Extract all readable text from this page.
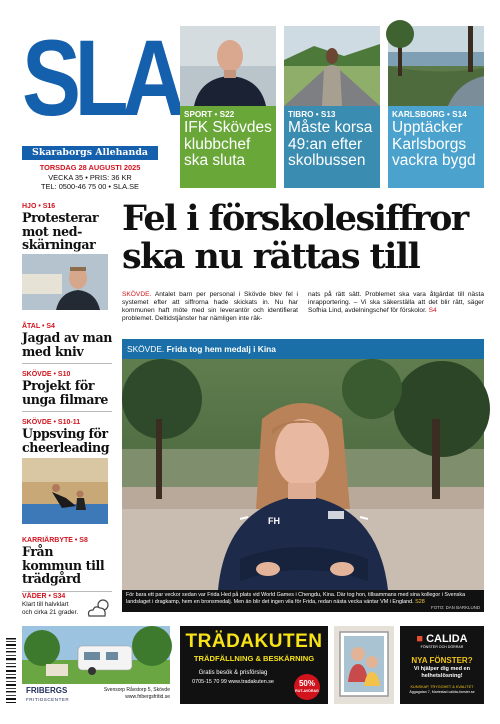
SLA
Skaraborgs Allehanda
TORSDAG 28 AUGUSTI 2025
VECKA 35 • PRIS: 36 KR
TEL: 0500-46 75 00 • SLA.SE
SPORT • S22
IFK Skövdes klubbchef ska sluta
TIBRO • S13
Måste korsa 49:an efter skolbussen
KARLSBORG • S14
Upptäcker Karlsborgs vackra bygd
HJO • S16
Protesterar mot ned-skärningar
ÅTAL • S4
Jagad av man med kniv
SKÖVDE • S10
Projekt för unga filmare
SKÖVDE • S10-11
Uppsving för cheerleading
KARRIÄRBYTE • S8
Från kommun till trädgård
VÄDER • S34
Klart till halvklart och cirka 21 grader.
Fel i förskolesiffror
ska nu rättas till

SKÖVDE. Antalet barn per personal i Skövde blev fel i systemet efter att siffrorna hade skickats in. Nu har kommunen haft möte med sin leverantör och identifierat problemet. Deltidstjänster har nämligen inte räk-

nats på rätt sätt. Problemet ska vara åtgärdat till nästa inrapportering. – Vi ska säkerställa att det blir rätt, säger Sofhia Lind, avdelningschef för förskolor. S4

SKÖVDE. Frida tog hem medalj i Kina
FH
För bara ett par veckor sedan var Frida Hed på plats vid World Games i Chengdu, Kina. Där tog hon, tillsammans med sina kollegor i Svenska landslaget i dragkamp, hem en bronsmedalj. Men än blir det ingen vila för Frida, redan nästa vecka väntar VM i England. S28
FOTO: DAN BARKLUND
FRIBERGS
FRITIDSCENTER
Svensorp Råvstorp 5, Skövde
www.fribergsfritid.se
TRÄDAKUTEN
TRÄDFÄLLNING & BESKÄRNING
Gratis besök & prisförslag
0705-15 70 99 www.tradakuten.se	50%
RUT-AVDRAG
■ CALIDA
FÖNSTER OCH DÖRRAR
NYA FÖNSTER?
Vi hjälper dig med en helhetslösning!
KUNSKAP, TRYGGHET & KVALITET
Äggagatan 7, Mariestad calida-fonster.se
